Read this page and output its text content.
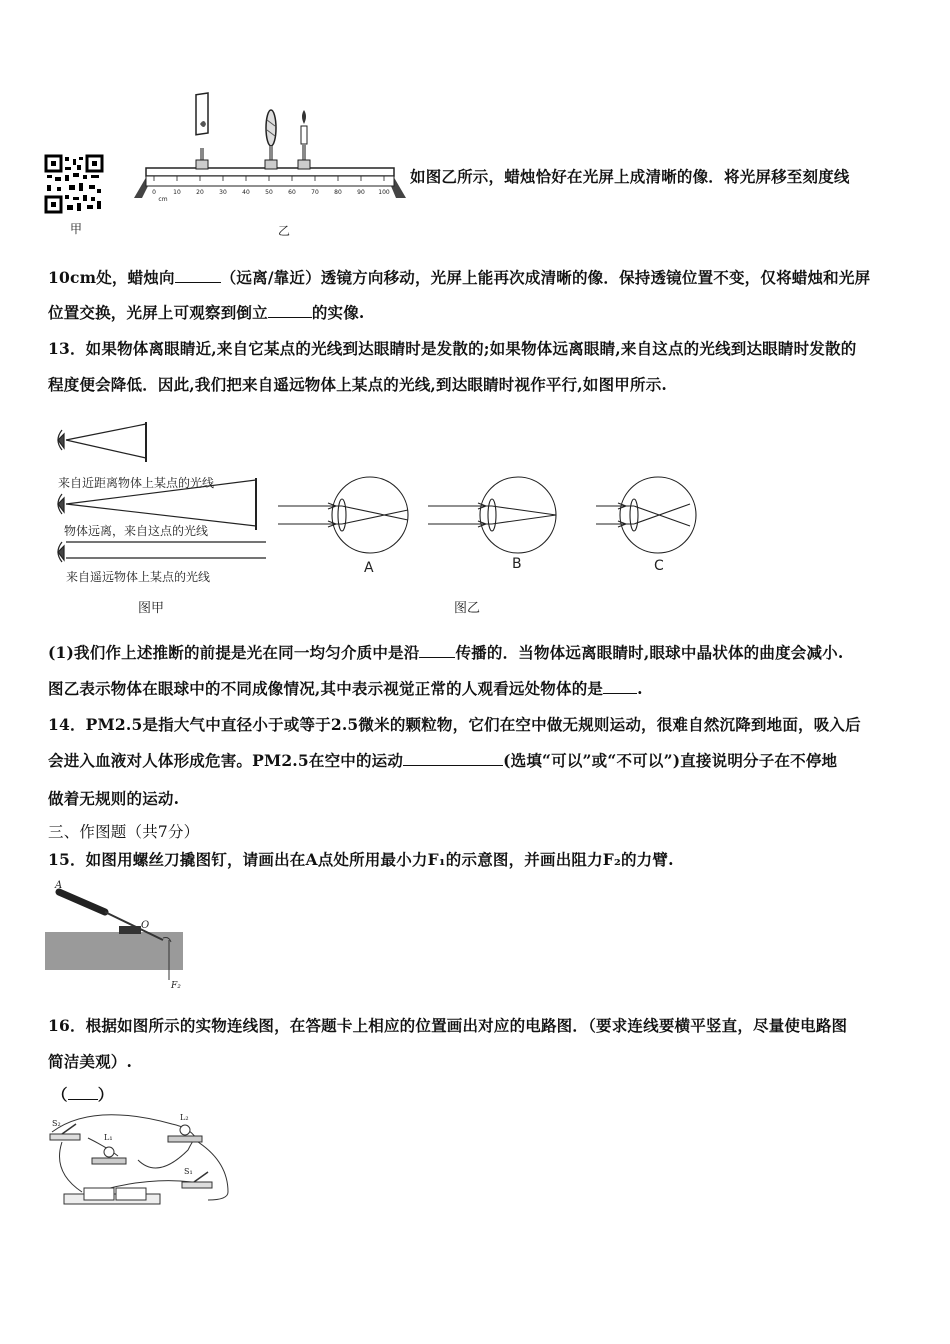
甲
0	10	20	30	40	50	60	70	80	90 100
cm
乙
如图乙所示，蜡烛恰好在光屏上成清晰的像．将光屏移至刻度线
10cm处，蜡烛向	（远离/靠近）透镜方向移动，光屏上能再次成清晰的像．保持透镜位置不变，仅将蜡烛和光屏
位置交换，光屏上可观察到倒立	的实像.
13．如果物体离眼睛近,来自它某点的光线到达眼睛时是发散的;如果物体远离眼睛,来自这点的光线到达眼睛时发散的
程度便会降低．因此,我们把来自遥远物体上某点的光线,到达眼睛时视作平行,如图甲所示.
来自近距离物体上某点的光线
物体远离，来自这点的光线
来自遥远物体上某点的光线
图甲
A	B	C
图乙
(1)我们作上述推断的前提是光在同一均匀介质中是沿 传播的．当物体远离眼睛时,眼球中晶状体的曲度会减小.
图乙表示物体在眼球中的不同成像情况,其中表示视觉正常的人观看远处物体的是 .
14．PM2.5是指大气中直径小于或等于2.5微米的颗粒物，它们在空中做无规则运动，很难自然沉降到地面，吸入后
会进入血液对人体形成危害。PM2.5在空中的运动	(选填“可以”或“不可以”)直接说明分子在不停地
做着无规则的运动.
三、作图题（共7分）
15．如图用螺丝刀撬图钉，请画出在A点处所用最小力F₁的示意图，并画出阻力F₂的力臂.
A
O
F₂
16．根据如图所示的实物连线图，在答题卡上相应的位置画出对应的电路图．（要求连线要横平竖直，尽量使电路图
简洁美观）.
（ ）
S₂
L₁
L₂
S₁
